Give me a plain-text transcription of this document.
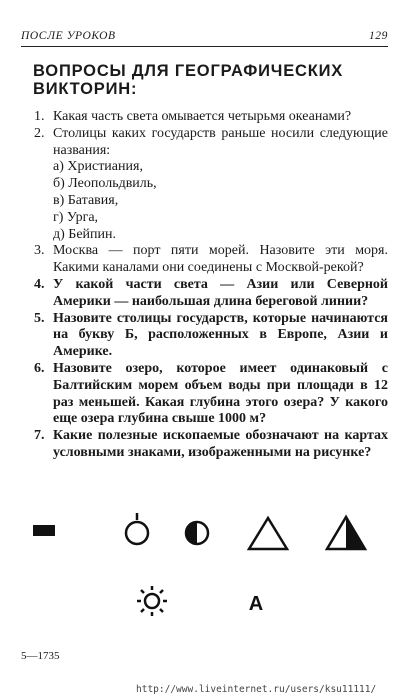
ПОСЛЕ УРОКОВ	129
ВОПРОСЫ ДЛЯ ГЕОГРАФИЧЕСКИХ ВИКТОРИН:
1. Какая часть света омывается четырьмя океанами?
2. Столицы каких государств раньше носили следующие названия:
а) Христиания,
б) Леопольдвиль,
в) Батавия,
г) Урга,
д) Бейпин.
3. Москва — порт пяти морей. Назовите эти моря. Какими каналами они соединены с Москвой-рекой?
4. У какой части света — Азии или Северной Америки — наибольшая длина береговой линии?
5. Назовите столицы государств, которые начинаются на букву Б, расположенных в Европе, Азии и Америке.
6. Назовите озеро, которое имеет одинаковый с Балтийским морем объем воды при площади в 12 раз меньшей. Какая глубина этого озера? У какого еще озера глубина свыше 1000 м?
7. Какие полезные ископаемые обозначают на картах условными знаками, изображенными на рисунке?
А
5—1735
http://www.liveinternet.ru/users/ksu11111/
